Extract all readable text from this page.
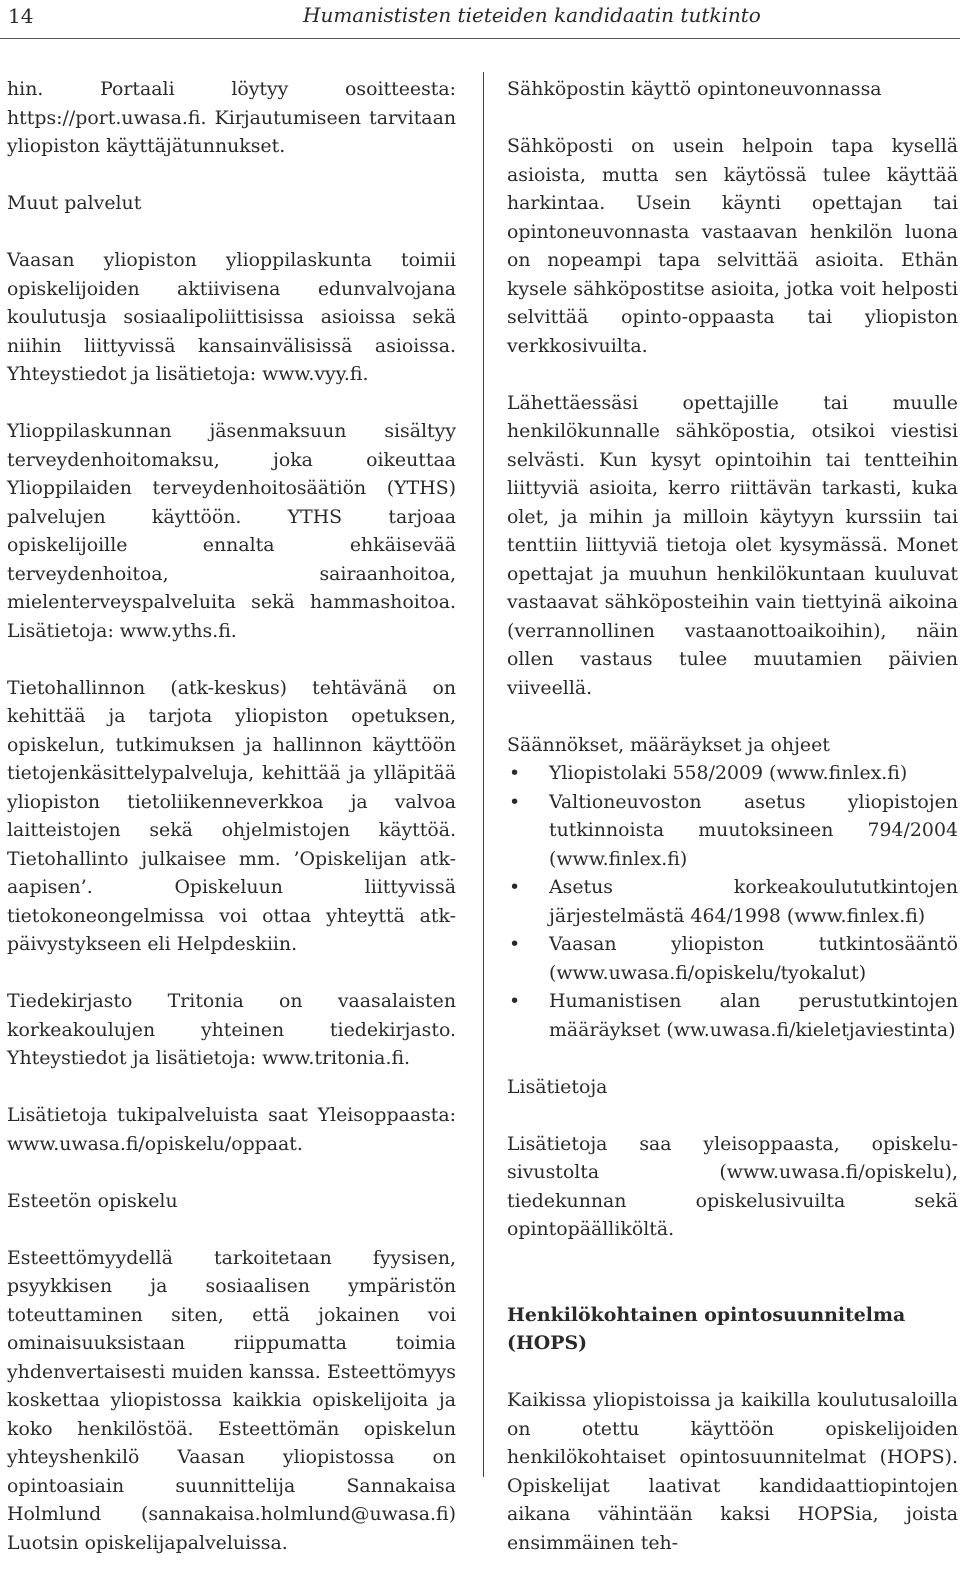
14	Humanististen tieteiden kandidaatin tutkinto

hin. Portaali löytyy osoitteesta: https://port.uwasa.fi. Kirjautumiseen tarvitaan yliopiston käyttäjätunnukset.

Muut palvelut

Vaasan yliopiston ylioppilaskunta toimii opiskelijoiden aktiivisena edunvalvojana koulutusja sosiaalipoliittisissa asioissa sekä niihin liittyvissä kansainvälisissä asioissa. Yhteystiedot ja lisätietoja: www.vyy.fi.

Ylioppilaskunnan jäsenmaksuun sisältyy terveydenhoitomaksu, joka oikeuttaa Ylioppilaiden terveydenhoitosäätiön (YTHS) palvelujen käyttöön. YTHS tarjoaa opiskelijoille ennalta ehkäisevää terveydenhoitoa, sairaanhoitoa, mielenterveyspalveluita sekä hammashoitoa. Lisätietoja: www.yths.fi.

Tietohallinnon (atk-keskus) tehtävänä on kehittää ja tarjota yliopiston opetuksen, opiskelun, tutkimuksen ja hallinnon käyttöön tietojenkäsittelypalveluja, kehittää ja ylläpitää yliopiston tietoliikenneverkkoa ja valvoa laitteistojen sekä ohjelmistojen käyttöä. Tietohallinto julkaisee mm. ’Opiskelijan atk-aapisen’. Opiskeluun liittyvissä tietokoneongelmissa voi ottaa yhteyttä atk-päivystykseen eli Helpdeskiin.

Tiedekirjasto Tritonia on vaasalaisten korkeakoulujen yhteinen tiedekirjasto. Yhteystiedot ja lisätietoja: www.tritonia.fi.

Lisätietoja tukipalveluista saat Yleisoppaasta: www.uwasa.fi/opiskelu/oppaat.

Esteetön opiskelu

Esteettömyydellä tarkoitetaan fyysisen, psyykkisen ja sosiaalisen ympäristön toteuttaminen siten, että jokainen voi ominaisuuksistaan riippumatta toimia yhdenvertaisesti muiden kanssa. Esteettömyys koskettaa yliopistossa kaikkia opiskelijoita ja koko henkilöstöä. Esteettömän opiskelun yhteyshenkilö Vaasan yliopistossa on opintoasiain suunnittelija Sannakaisa Holmlund (sannakaisa.holmlund@uwasa.fi) Luotsin opiskelijapalveluissa.

Sähköpostin käyttö opintoneuvonnassa

Sähköposti on usein helpoin tapa kysellä asioista, mutta sen käytössä tulee käyttää harkintaa. Usein käynti opettajan tai opintoneuvonnasta vastaavan henkilön luona on nopeampi tapa selvittää asioita. Ethän kysele sähköpostitse asioita, jotka voit helposti selvittää opinto-oppaasta tai yliopiston verkkosivuilta.

Lähettäessäsi opettajille tai muulle henkilökunnalle sähköpostia, otsikoi viestisi selvästi. Kun kysyt opintoihin tai tentteihin liittyviä asioita, kerro riittävän tarkasti, kuka olet, ja mihin ja milloin käytyyn kurssiin tai tenttiin liittyviä tietoja olet kysymässä. Monet opettajat ja muuhun henkilökuntaan kuuluvat vastaavat sähköposteihin vain tiettyinä aikoina (verrannollinen vastaanottoaikoihin), näin ollen vastaus tulee muutamien päivien viiveellä.

Säännökset, määräykset ja ohjeet

• Yliopistolaki 558/2009 (www.finlex.fi)
• Valtioneuvoston asetus yliopistojen tutkinnoista muutoksineen 794/2004 (www.finlex.fi)
• Asetus korkeakoulututkintojen järjestelmästä 464/1998 (www.finlex.fi)
• Vaasan yliopiston tutkintosääntö (www.uwasa.fi/opiskelu/tyokalut)
• Humanistisen alan perustutkintojen määräykset (ww.uwasa.fi/kieletjaviestinta)

Lisätietoja

Lisätietoja saa yleisoppaasta, opiskelu-sivustolta (www.uwasa.fi/opiskelu), tiedekunnan opiskelusivuilta sekä opintopäälliköltä.

Henkilökohtainen opintosuunnitelma (HOPS)

Kaikissa yliopistoissa ja kaikilla koulutusaloilla on otettu käyttöön opiskelijoiden henkilökohtaiset opintosuunnitelmat (HOPS). Opiskelijat laativat kandidaattiopintojen aikana vähintään kaksi HOPSia, joista ensimmäinen teh-
